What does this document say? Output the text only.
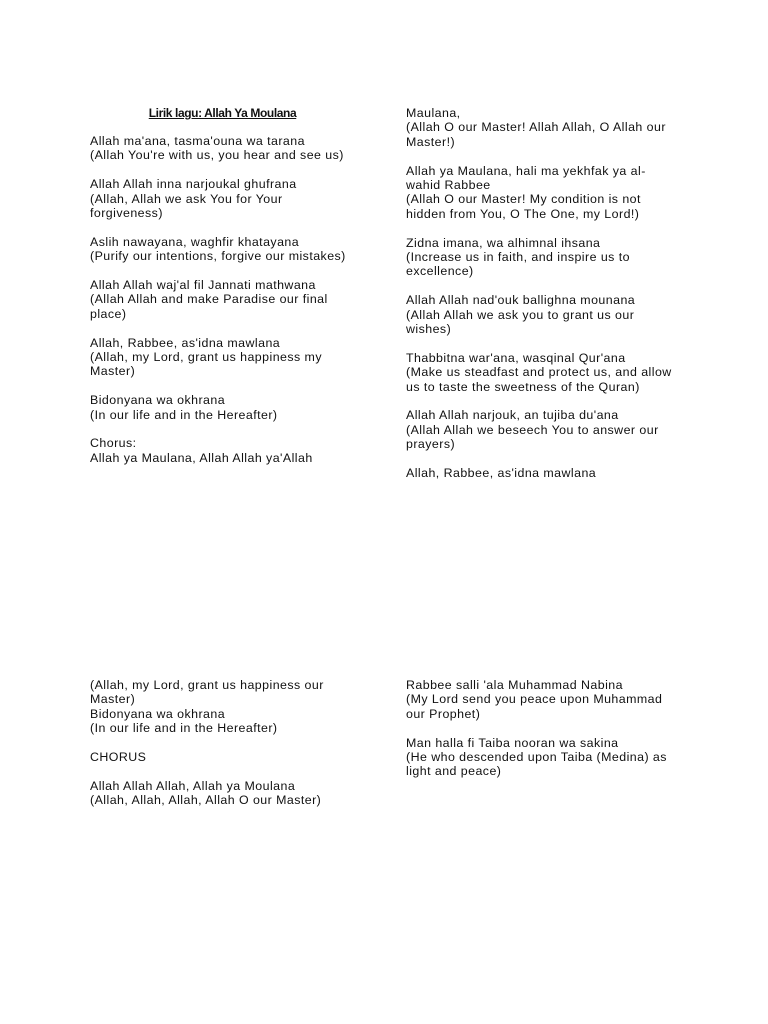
Lirik lagu: Allah Ya Moulana
Allah ma'ana, tasma'ouna wa tarana
(Allah You're with us, you hear and see us)
Allah Allah inna narjoukal ghufrana
(Allah, Allah we ask You for Your forgiveness)
Aslih nawayana, waghfir khatayana
(Purify our intentions, forgive our mistakes)
Allah Allah waj'al fil Jannati mathwana
(Allah Allah and make Paradise our final place)
Allah, Rabbee, as'idna mawlana
(Allah, my Lord, grant us happiness my Master)
Bidonyana wa okhrana
(In our life and in the Hereafter)
Chorus:
Allah ya Maulana, Allah Allah ya'Allah
Maulana,
(Allah O our Master! Allah Allah, O Allah our Master!)
Allah ya Maulana, hali ma yekhfak ya al-wahid Rabbee
(Allah O our Master! My condition is not hidden from You, O The One, my Lord!)
Zidna imana, wa alhimnal ihsana
(Increase us in faith, and inspire us to excellence)
Allah Allah nad'ouk ballighna mounana
(Allah Allah we ask you to grant us our wishes)
Thabbitna war'ana, wasqinal Qur'ana
(Make us steadfast and protect us, and allow us to taste the sweetness of the Quran)
Allah Allah narjouk, an tujiba du'ana
(Allah Allah we beseech You to answer our prayers)
Allah, Rabbee, as'idna mawlana
(Allah, my Lord, grant us happiness our Master)
Bidonyana wa okhrana
(In our life and in the Hereafter)
CHORUS
Allah Allah Allah, Allah ya Moulana
(Allah, Allah, Allah, Allah O our Master)
Rabbee salli 'ala Muhammad Nabina
(My Lord send you peace upon Muhammad our Prophet)
Man halla fi Taiba nooran wa sakina
(He who descended upon Taiba (Medina) as light and peace)
